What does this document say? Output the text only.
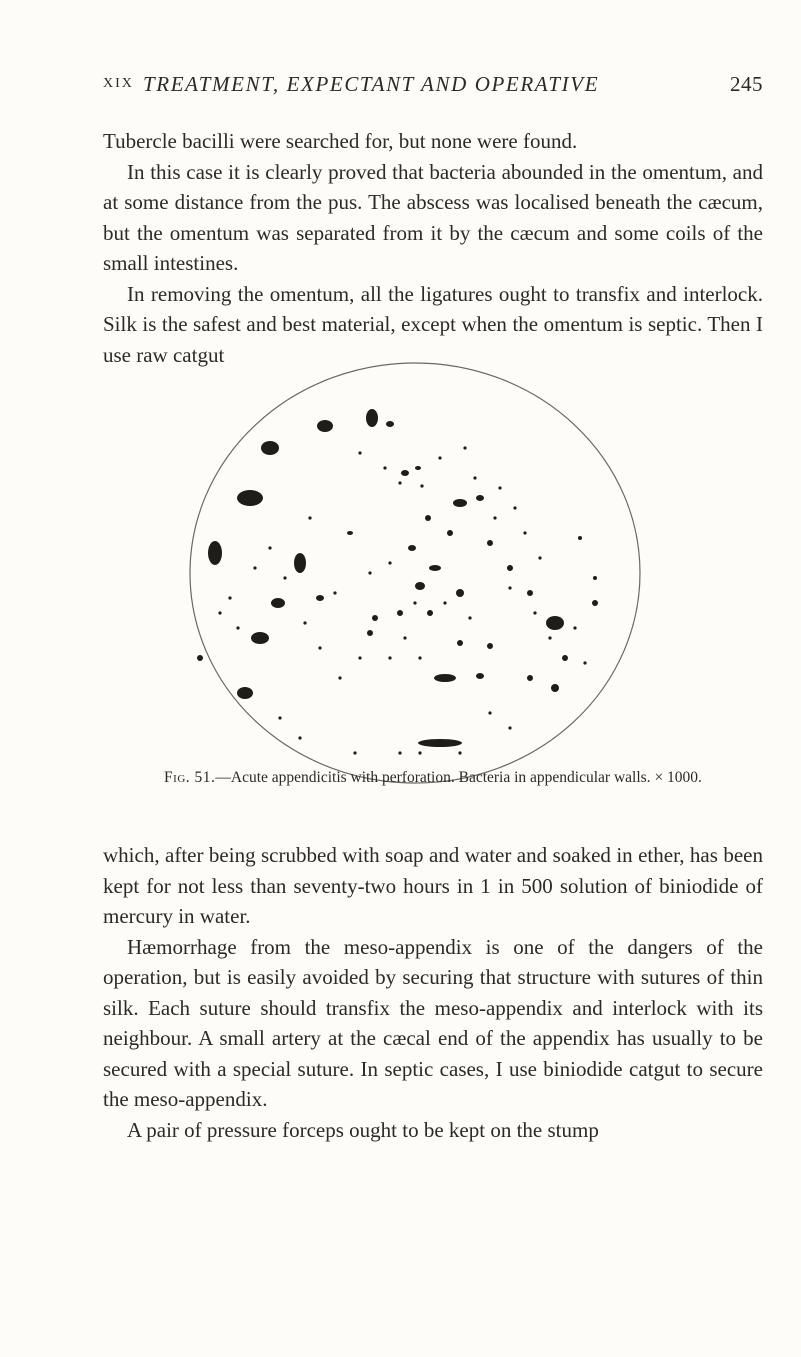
XIX TREATMENT, EXPECTANT AND OPERATIVE	245

Tubercle bacilli were searched for, but none were found.

In this case it is clearly proved that bacteria abounded in the omentum, and at some distance from the pus. The abscess was localised beneath the cæcum, but the omentum was separated from it by the cæcum and some coils of the small intestines.

In removing the omentum, all the ligatures ought to transfix and interlock. Silk is the safest and best material, except when the omentum is septic. Then I use raw catgut

Fig. 51.—Acute appendicitis with perforation. Bacteria in appendicular walls. × 1000.

which, after being scrubbed with soap and water and soaked in ether, has been kept for not less than seventy-two hours in 1 in 500 solution of biniodide of mercury in water.

Hæmorrhage from the meso-appendix is one of the dangers of the operation, but is easily avoided by securing that structure with sutures of thin silk. Each suture should transfix the meso-appendix and interlock with its neighbour. A small artery at the cæcal end of the appendix has usually to be secured with a special suture. In septic cases, I use biniodide catgut to secure the meso-appendix.

A pair of pressure forceps ought to be kept on the stump
